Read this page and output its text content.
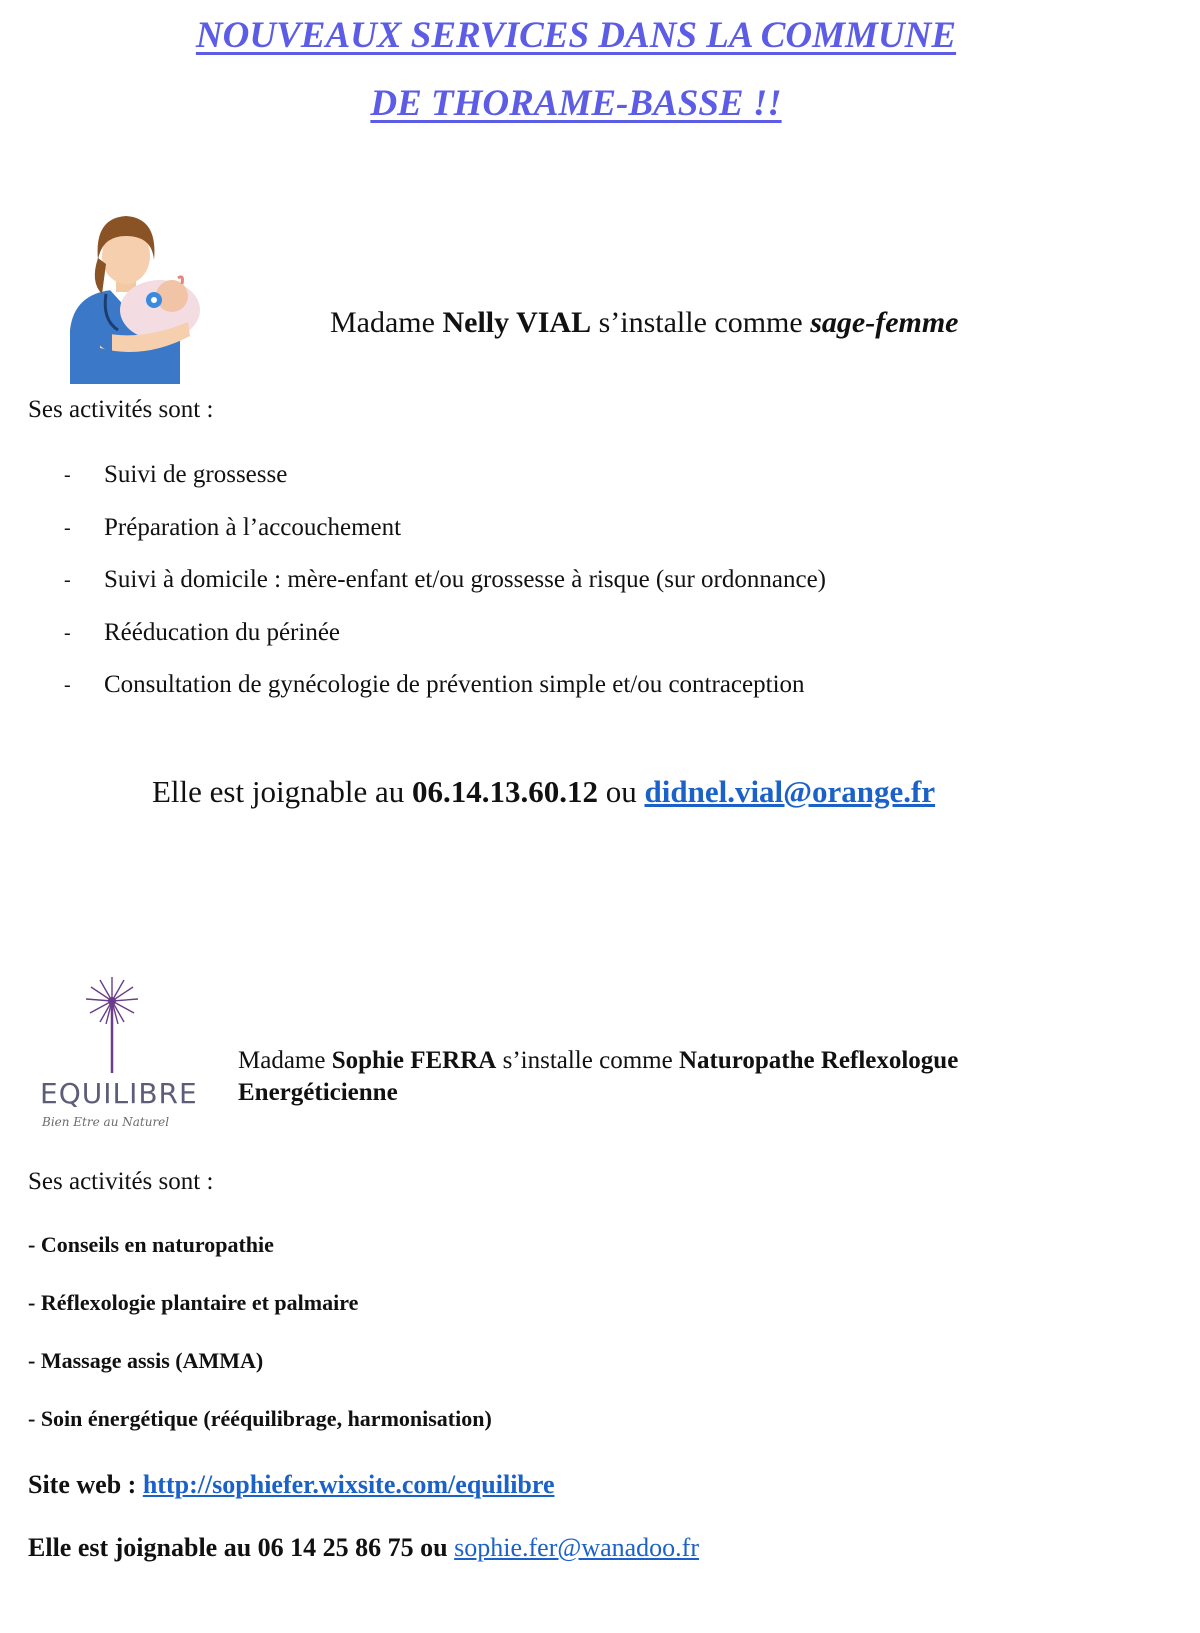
NOUVEAUX SERVICES DANS LA COMMUNE
DE THORAME-BASSE !!
Madame Nelly VIAL s’installe comme sage-femme
Ses activités sont :
- Suivi de grossesse
- Préparation à l’accouchement
- Suivi à domicile : mère-enfant et/ou grossesse à risque (sur ordonnance)
- Rééducation du périnée
- Consultation de gynécologie de prévention simple et/ou contraception
Elle est joignable au 06.14.13.60.12 ou didnel.vial@orange.fr
EQUILIBRE
Bien Etre au Naturel
Madame Sophie FERRA s’installe comme Naturopathe Reflexologue
Energéticienne
Ses activités sont :
- Conseils en naturopathie
- Réflexologie plantaire et palmaire
- Massage assis (AMMA)
- Soin énergétique (rééquilibrage, harmonisation)
Site web : http://sophiefer.wixsite.com/equilibre
Elle est joignable au 06 14 25 86 75 ou sophie.fer@wanadoo.fr
